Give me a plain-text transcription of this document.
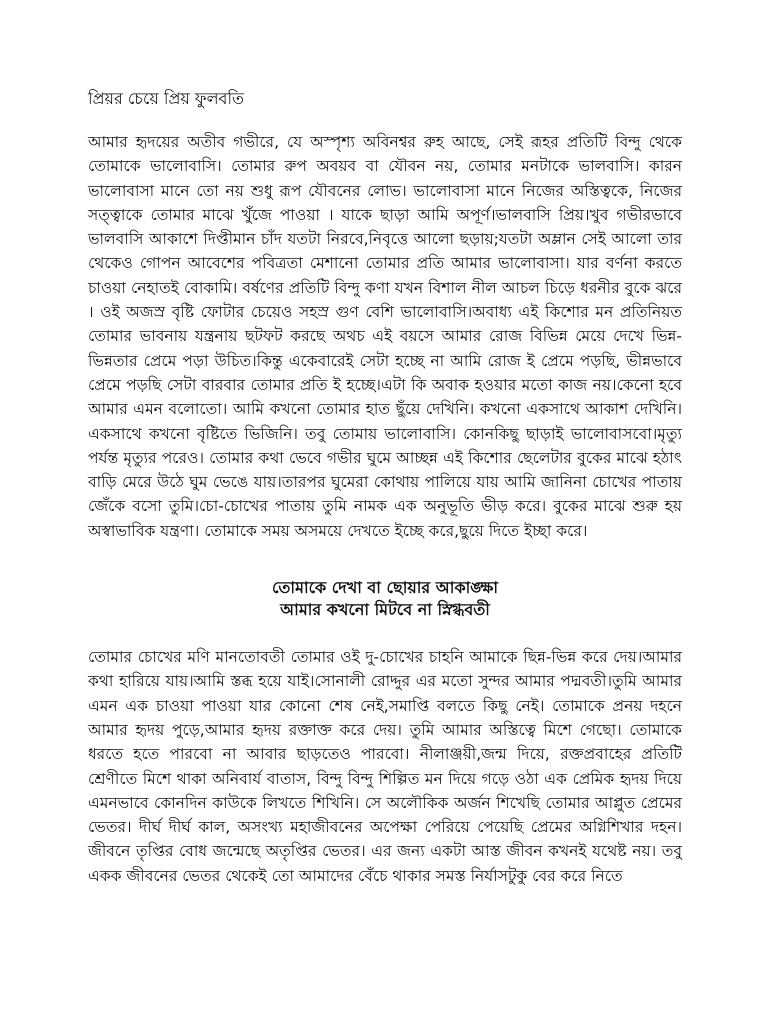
প্রিয়র চেয়ে প্রিয় ফুলবতি

আমার হৃদয়ের অতীব গভীরে, যে অস্পৃশ্য অবিনশ্বর রুহ আছে, সেই রূহর প্রতিটি বিন্দু থেকে তোমাকে ভালোবাসি। তোমার রুপ অবয়ব বা যৌবন নয়, তোমার মনটাকে ভালবাসি। কারন ভালোবাসা মানে তো নয় শুধু রূপ যৌবনের লোভ। ভালোবাসা মানে নিজের অস্তিত্বকে, নিজের সত্ত্বাকে তোমার মাঝে খুঁজে পাওয়া । যাকে ছাড়া আমি অপূর্ণ।ভালবাসি প্রিয়।খুব গভীরভাবে ভালবাসি আকাশে দিপ্তীমান চাঁদ যতটা নিরবে,নিবৃত্তে আলো ছড়ায়;যতটা অম্লান সেই আলো তার থেকেও গোপন আবেশের পবিত্রতা মেশানো তোমার প্রতি আমার ভালোবাসা। যার বর্ণনা করতে চাওয়া নেহাতই বোকামি। বর্ষণের প্রতিটি বিন্দু কণা যখন বিশাল নীল আচল চিড়ে ধরনীর বুকে ঝরে । ওই অজস্র বৃষ্টি ফোটার চেয়েও সহস্র গুণ বেশি ভালোবাসি।অবাধ্য এই কিশোর মন প্রতিনিয়ত তোমার ভাবনায় যন্ত্রনায় ছটফট করছে অথচ এই বয়সে আমার রোজ বিভিন্ন মেয়ে দেখে ভিন্ন-ভিন্নতার প্রেমে পড়া উচিত।কিন্তু একেবারেই সেটা হচ্ছে না আমি রোজ ই প্রেমে পড়ছি, ভীন্নভাবে প্রেমে পড়ছি সেটা বারবার তোমার প্রতি ই হচ্ছে।এটা কি অবাক হওয়ার মতো কাজ নয়।কেনো হবে আমার এমন বলোতো। আমি কখনো তোমার হাত ছুঁয়ে দেখিনি। কখনো একসাথে আকাশ দেখিনি। একসাথে কখনো বৃষ্টিতে ভিজিনি। তবু তোমায় ভালোবাসি। কোনকিছু ছাড়াই ভালোবাসবো।মৃত্যু পর্যন্ত মৃত্যুর পরেও। তোমার কথা ভেবে গভীর ঘুমে আচ্ছন্ন এই কিশোর ছেলেটার বুকের মাঝে হঠাৎ বাড়ি মেরে উঠে ঘুম ভেঙে যায়।তারপর ঘুমেরা কোথায় পালিয়ে যায় আমি জানিনা চোখের পাতায় জেঁকে বসো তুমি।চো-চোখের পাতায় তুমি নামক এক অনুভূতি ভীড় করে। বুকের মাঝে শুরু হয় অস্বাভাবিক যন্ত্রণা। তোমাকে সময় অসময়ে দেখতে ইচ্ছে করে,ছুয়ে দিতে ইচ্ছা করে।

তোমাকে দেখা বা ছোয়ার আকাঙ্ক্ষা
আমার কখনো মিটবে না স্নিগ্ধবতী

তোমার চোখের মণি মানতোবতী তোমার ওই দু-চোখের চাহনি আমাকে ছিন্ন-ভিন্ন করে দেয়।আমার কথা হারিয়ে যায়।আমি স্তব্ধ হয়ে যাই।সোনালী রোদ্দুর এর মতো সুন্দর আমার পদ্মবতী।তুমি আমার এমন এক চাওয়া পাওয়া যার কোনো শেষ নেই,সমাপ্তি বলতে কিছু নেই। তোমাকে প্রনয় দহনে আমার হৃদয় পুড়ে,আমার হৃদয় রক্তাক্ত করে দেয়। তুমি আমার অস্তিত্বে মিশে গেছো। তোমাকে ধরতে হতে পারবো না আবার ছাড়তেও পারবো। নীলাঞ্জয়ী,জন্ম দিয়ে, রক্তপ্রবাহের প্রতিটি শ্রেণীতে মিশে থাকা অনিবার্য বাতাস, বিন্দু বিন্দু শিল্পিত মন দিয়ে গড়ে ওঠা এক প্রেমিক হৃদয় দিয়ে এমনভাবে কোনদিন কাউকে লিখতে শিখিনি। সে অলৌকিক অর্জন শিখেছি তোমার আপ্লুত প্রেমের ভেতর। দীর্ঘ দীর্ঘ কাল, অসংখ্য মহাজীবনের অপেক্ষা পেরিয়ে পেয়েছি প্রেমের অগ্নিশিখার দহন। জীবনে তৃপ্তির বোধ জন্মেছে অতৃপ্তির ভেতর। এর জন্য একটা আস্ত জীবন কখনই যথেষ্ট নয়। তবু একক জীবনের ভেতর থেকেই তো আমাদের বেঁচে থাকার সমস্ত নির্যাসটুকু বের করে নিতে
